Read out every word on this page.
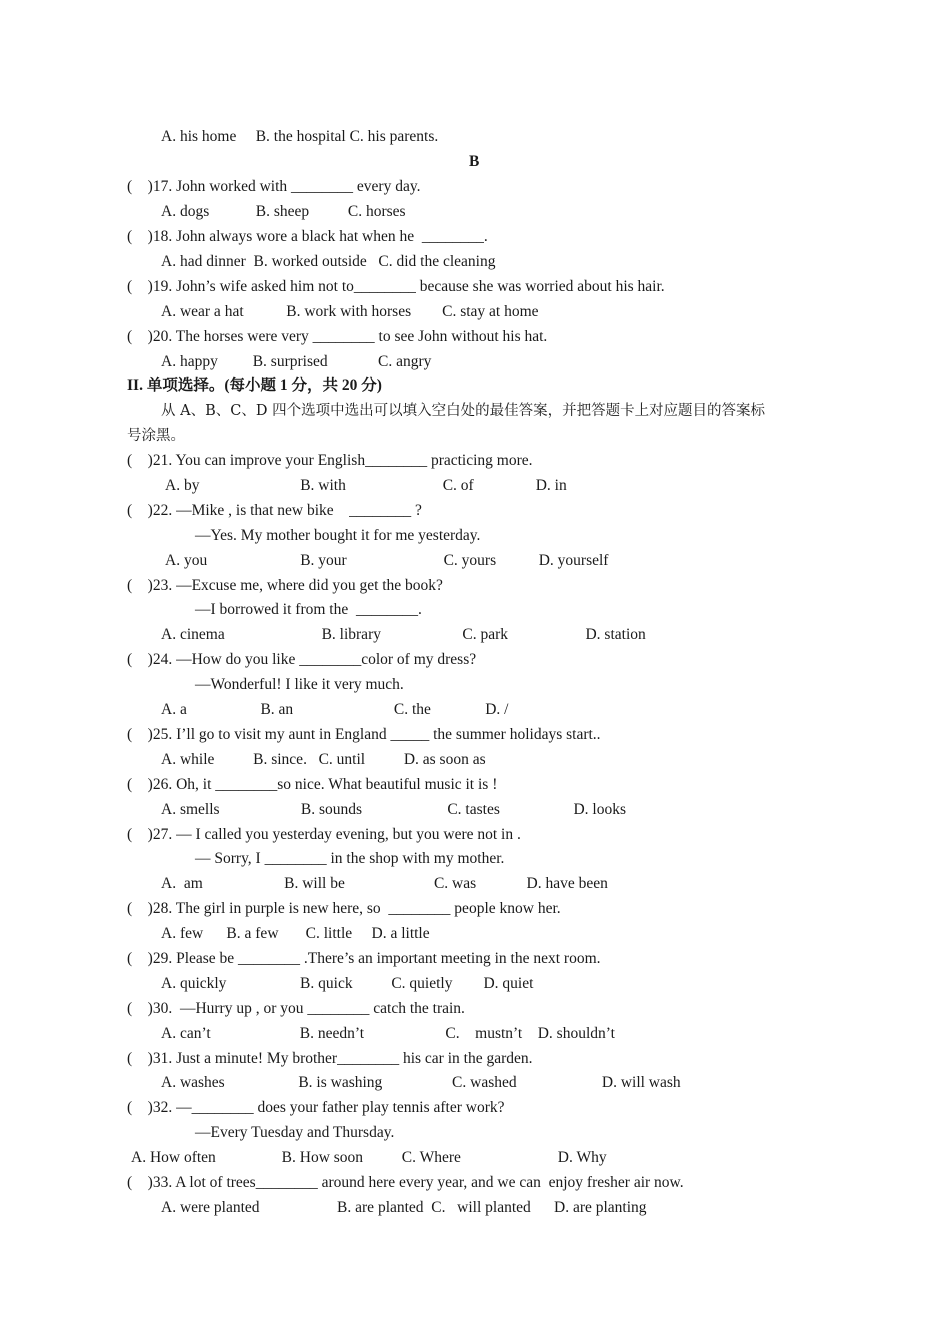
A. his home     B. the hospital C. his parents.
B
(    )17. John worked with ________ every day.
A. dogs            B. sheep          C. horses
(    )18. John always wore a black hat when he  ________.
A. had dinner  B. worked outside   C. did the cleaning
(    )19. John’s wife asked him not to________ because she was worried about his hair.
A. wear a hat           B. work with horses        C. stay at home
(    )20. The horses were very ________ to see John without his hat.
A. happy         B. surprised             C. angry
II. 单项选择。(每小题 1 分，共 20 分)
从 A、B、C、D 四个选项中选出可以填入空白处的最佳答案，并把答题卡上对应题目的答案标
号涂黑。
(    )21. You can improve your English________ practicing more.
A. by                          B. with                         C. of                D. in
(    )22. —Mike , is that new bike    ________ ?
—Yes. My mother bought it for me yesterday.
A. you                        B. your                         C. yours           D. yourself
(    )23. —Excuse me, where did you get the book?
—I borrowed it from the  ________.
A. cinema                         B. library                     C. park                    D. station
(    )24. —How do you like ________color of my dress?
—Wonderful! I like it very much.
A. a                   B. an                          C. the              D. /
(    )25. I’ll go to visit my aunt in England _____ the summer holidays start..
A. while          B. since.   C. until          D. as soon as
(    )26. Oh, it ________so nice. What beautiful music it is !
A. smells                     B. sounds                      C. tastes                   D. looks
(    )27. — I called you yesterday evening, but you were not in .
— Sorry, I ________ in the shop with my mother.
A.  am                     B. will be                       C. was             D. have been
(    )28. The girl in purple is new here, so  ________ people know her.
A. few      B. a few       C. little     D. a little
(    )29. Please be ________ .There’s an important meeting in the next room.
A. quickly                   B. quick          C. quietly        D. quiet
(    )30.  —Hurry up , or you ________ catch the train.
A. can’t                       B. needn’t                     C.    mustn’t    D. shouldn’t
(    )31. Just a minute! My brother________ his car in the garden.
A. washes                   B. is washing                  C. washed                      D. will wash
(    )32. —________ does your father play tennis after work?
—Every Tuesday and Thursday.
A. How often                 B. How soon          C. Where                         D. Why
(    )33. A lot of trees________ around here every year, and we can  enjoy fresher air now.
A. were planted                    B. are planted  C.   will planted      D. are planting
